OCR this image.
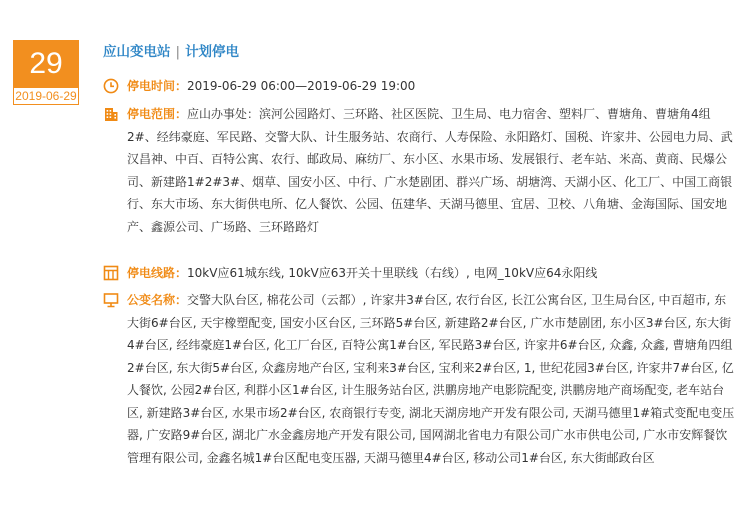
29
2019-06-29
应山变电站 | 计划停电
停电时间：2019-06-29 06:00—2019-06-29 19:00
停电范围：应山办事处：滨河公园路灯、三环路、社区医院、卫生局、电力宿舍、塑料厂、曹塘角、曹塘角4组2#、经纬豪庭、军民路、交警大队、计生服务站、农商行、人寿保险、永阳路灯、国税、许家井、公园电力局、武汉昌神、中百、百特公寓、农行、邮政局、麻纺厂、东小区、水果市场、发展银行、老车站、米高、黄商、民爆公司、新建路1#2#3#、烟草、国安小区、中行、广水楚剧团、群兴广场、胡塘湾、天湖小区、化工厂、中国工商银行、东大市场、东大街供电所、亿人餐饮、公园、伍建华、天湖马德里、宜居、卫校、八角塘、金海国际、国安地产、鑫源公司、广场路、三环路路灯
停电线路：10kV应61城东线, 10kV应63开关十里联线（右线）, 电网_10kV应64永阳线
公变名称：交警大队台区, 棉花公司（云都）, 许家井3#台区, 农行台区, 长江公寓台区, 卫生局台区, 中百超市, 东大街6#台区, 天宇橡塑配变, 国安小区台区, 三环路5#台区, 新建路2#台区, 广水市楚剧团, 东小区3#台区, 东大街4#台区, 经纬豪庭1#台区, 化工厂台区, 百特公寓1#台区, 军民路3#台区, 许家井6#台区, 众鑫, 众鑫, 曹塘角四组2#台区, 东大街5#台区, 众鑫房地产台区, 宝利来3#台区, 宝利来2#台区, 1, 世纪花园3#台区, 许家井7#台区, 亿人餐饮, 公园2#台区, 利群小区1#台区, 计生服务站台区, 洪鹏房地产电影院配变, 洪鹏房地产商场配变, 老车站台区, 新建路3#台区, 水果市场2#台区, 农商银行专变, 湖北天湖房地产开发有限公司, 天湖马德里1#箱式变配电变压器, 广安路9#台区, 湖北广水金鑫房地产开发有限公司, 国网湖北省电力有限公司广水市供电公司, 广水市安辉餐饮管理有限公司, 金鑫名城1#台区配电变压器, 天湖马德里4#台区, 移动公司1#台区, 东大街邮政台区
